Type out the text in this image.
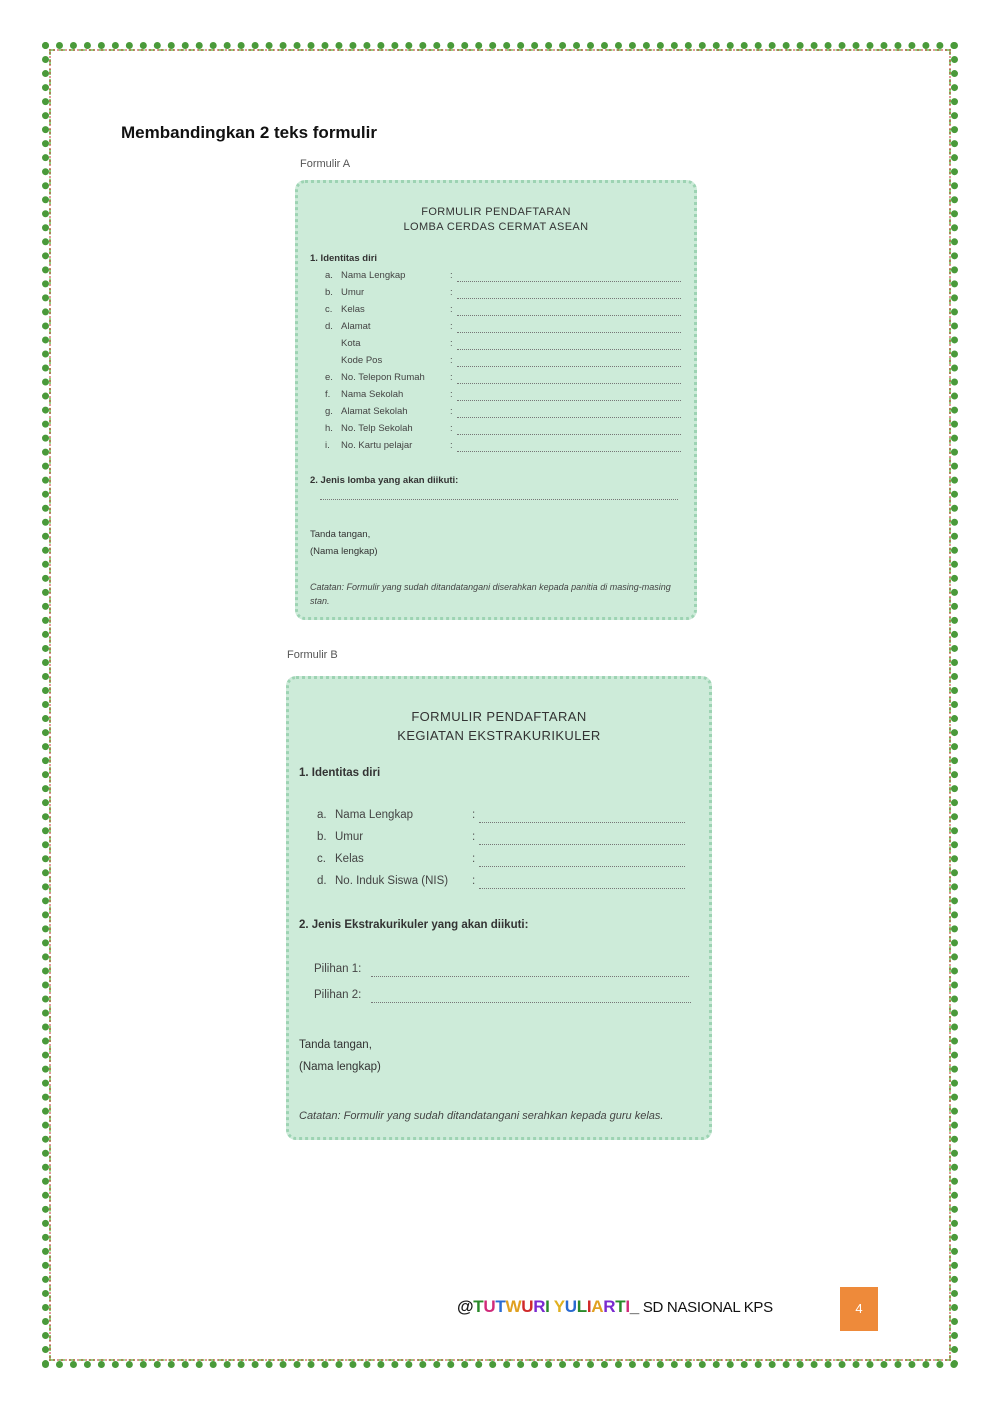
Membandingkan 2 teks formulir
Formulir A
FORMULIR PENDAFTARAN
LOMBA CERDAS CERMAT ASEAN
1. Identitas diri
a. Nama Lengkap	:
b. Umur	:
c. Kelas	:
d. Alamat	:
Kota	:
Kode Pos	:
e. No. Telepon Rumah	:
f. Nama Sekolah	:
g. Alamat Sekolah	:
h. No. Telp Sekolah	:
i. No. Kartu pelajar	:
2. Jenis lomba yang akan diikuti:
Tanda tangan,
(Nama lengkap)
Catatan: Formulir yang sudah ditandatangani diserahkan kepada panitia di masing-masing stan.
Formulir B
FORMULIR PENDAFTARAN
KEGIATAN EKSTRAKURIKULER
1. Identitas diri
a. Nama Lengkap	:
b. Umur	:
c. Kelas	:
d. No. Induk Siswa (NIS) :
2. Jenis Ekstrakurikuler yang akan diikuti:
Pilihan 1:
Pilihan 2:
Tanda tangan,
(Nama lengkap)
Catatan: Formulir yang sudah ditandatangani serahkan kepada guru kelas.
@TUTWURI YULIARTI_ SD NASIONAL KPS	4
